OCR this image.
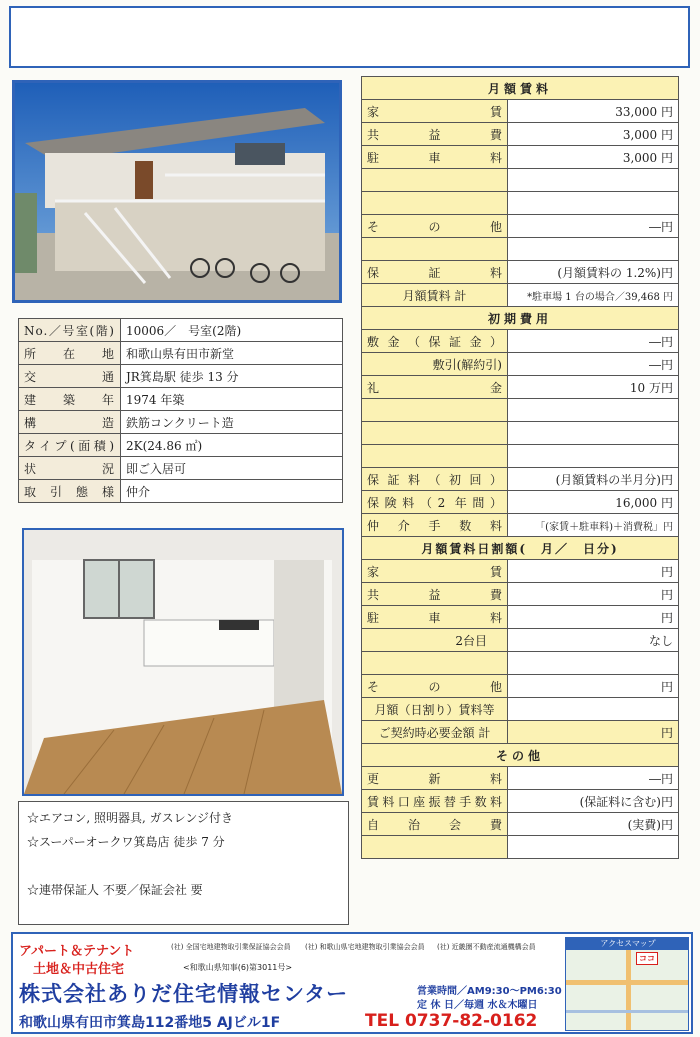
No.／号室(階)	10006／　号室(2階)
所在地	和歌山県有田市新堂
交通	JR箕島駅 徒歩 13 分
建築年	1974 年築
構造	鉄筋コンクリート造
タイプ(面積)	2K(24.86 ㎡)
状況	即ご入居可
取引態様	仲介
☆エアコン, 照明器具, ガスレンジ付き
☆スーパーオークワ箕島店 徒歩 7 分
☆連帯保証人 不要／保証会社 要
月額賃料	
家賃	33,000 円
共益費	3,000 円
駐車料	3,000 円

その他	―円

保証料	(月額賃料の 1.2%)円
月額賃料 計	*駐車場 1 台の場合／39,468 円
初期費用	
敷金（保証金）	―円
敷引(解約引)	―円
礼金	10 万円

保証料（初回）	(月額賃料の半月分)円
保険料（2 年間）	16,000 円
仲介手数料	「(家賃＋駐車料)＋消費税」円
月額賃料日割額(　月／　日分)	
家賃	円
共益費	円
駐車料	円
2台目	なし

その他	円
月額（日割り）賃料等	
ご契約時必要金額 計	円
その他	
更新料	―円
賃料口座振替手数料	(保証料に含む)円
自治会費	(実費)円

アパート＆テナント
土地＆中古住宅
(社) 全国宅地建物取引業保証協会会員 (社) 和歌山県宅地建物取引業協会会員 (社) 近畿圏不動産流通機構会員
<和歌山県知事(6)第3011号>
株式会社ありだ住宅情報センター	営業時間／AM9:30～PM6:30
定 休 日／毎週 水＆木曜日
和歌山県有田市箕島112番地5 AJビル1F	TEL 0737-82-0162
アクセスマップ
ココ
